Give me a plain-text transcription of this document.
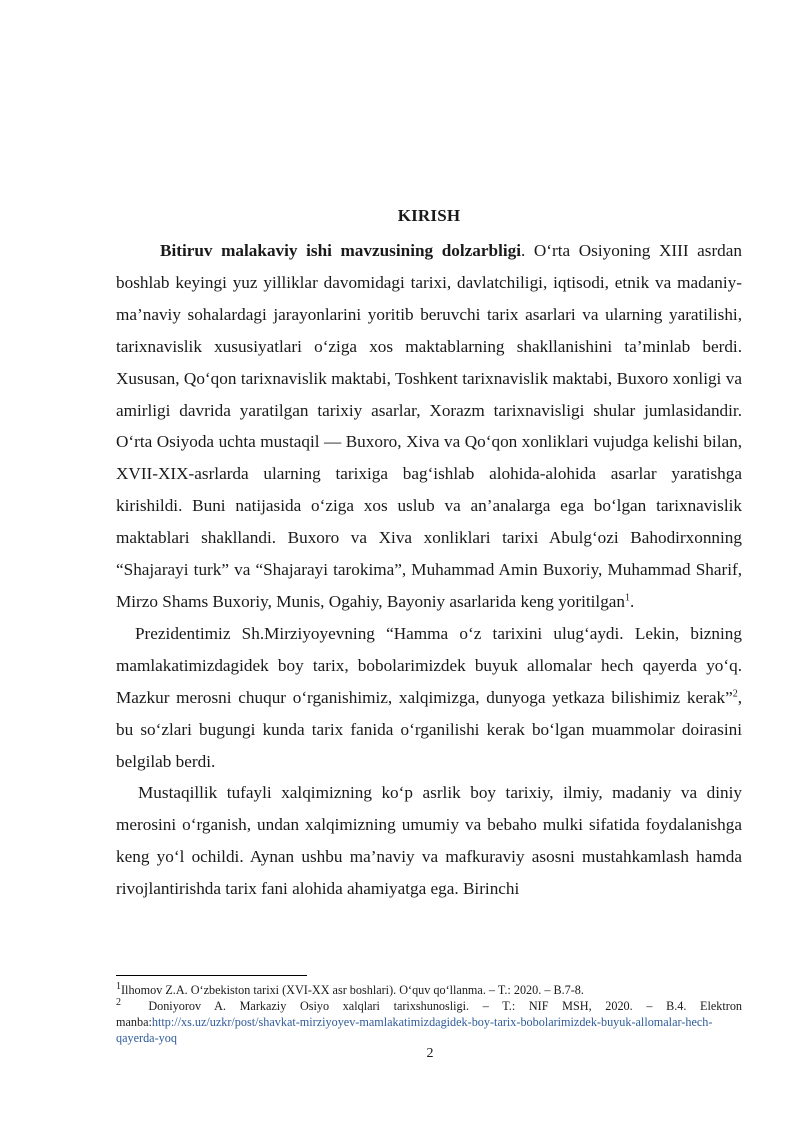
KIRISH

Bitiruv malakaviy ishi mavzusining dolzarbligi. O‘rta Osiyoning XIII asrdan boshlab keyingi yuz yilliklar davomidagi tarixi, davlatchiligi, iqtisodi, etnik va madaniy-ma’naviy sohalardagi jarayonlarini yoritib beruvchi tarix asarlari va ularning yaratilishi, tarixnavislik xususiyatlari o‘ziga xos maktablarning shakllanishini ta’minlab berdi. Xususan, Qo‘qon tarixnavislik maktabi, Toshkent tarixnavislik maktabi, Buxoro xonligi va amirligi davrida yaratilgan tarixiy asarlar, Xorazm tarixnavisligi shular jumlasidandir. O‘rta Osiyoda uchta mustaqil — Buxoro, Xiva va Qo‘qon xonliklari vujudga kelishi bilan, XVII-XIX-asrlarda ularning tarixiga bag‘ishlab alohida-alohida asarlar yaratishga kirishildi. Buni natijasida o‘ziga xos uslub va an’analarga ega bo‘lgan tarixnavislik maktablari shakllandi. Buxoro va Xiva xonliklari tarixi Abulg‘ozi Bahodirxonning “Shajarayi turk” va “Shajarayi tarokima”, Muhammad Amin Buxoriy, Muhammad Sharif, Mirzo Shams Buxoriy, Munis, Ogahiy, Bayoniy asarlarida keng yoritilgan$^1$.

Prezidentimiz Sh.Mirziyoyevning “Hamma o‘z tarixini ulug‘aydi. Lekin, bizning mamlakatimizdagidek boy tarix, bobolarimizdek buyuk allomalar hech qayerda yo‘q. Mazkur merosni chuqur o‘rganishimiz, xalqimizga, dunyoga yetkaza bilishimiz kerak”$^2$, bu so‘zlari bugungi kunda tarix fanida o‘rganilishi kerak bo‘lgan muammolar doirasini belgilab berdi.

Mustaqillik tufayli xalqimizning ko‘p asrlik boy tarixiy, ilmiy, madaniy va diniy merosini o‘rganish, undan xalqimizning umumiy va bebaho mulki sifatida foydalanishga keng yo‘l ochildi. Aynan ushbu ma’naviy va mafkuraviy asosni mustahkamlash hamda rivojlantirishda tarix fani alohida ahamiyatga ega. Birinchi

$^1$Ilhomov Z.A. O‘zbekiston tarixi (XVI-XX asr boshlari). O‘quv qo‘llanma. – T.: 2020. – B.7-8.

$^2$ Doniyorov A. Markaziy Osiyo xalqlari tarixshunosligi. – T.: NIF MSH, 2020. – B.4. Elektron manba:http://xs.uz/uzkr/post/shavkat-mirziyoyev-mamlakatimizdagidek-boy-tarix-bobolarimizdek-buyuk-allomalar-hech-qayerda-yoq

2
